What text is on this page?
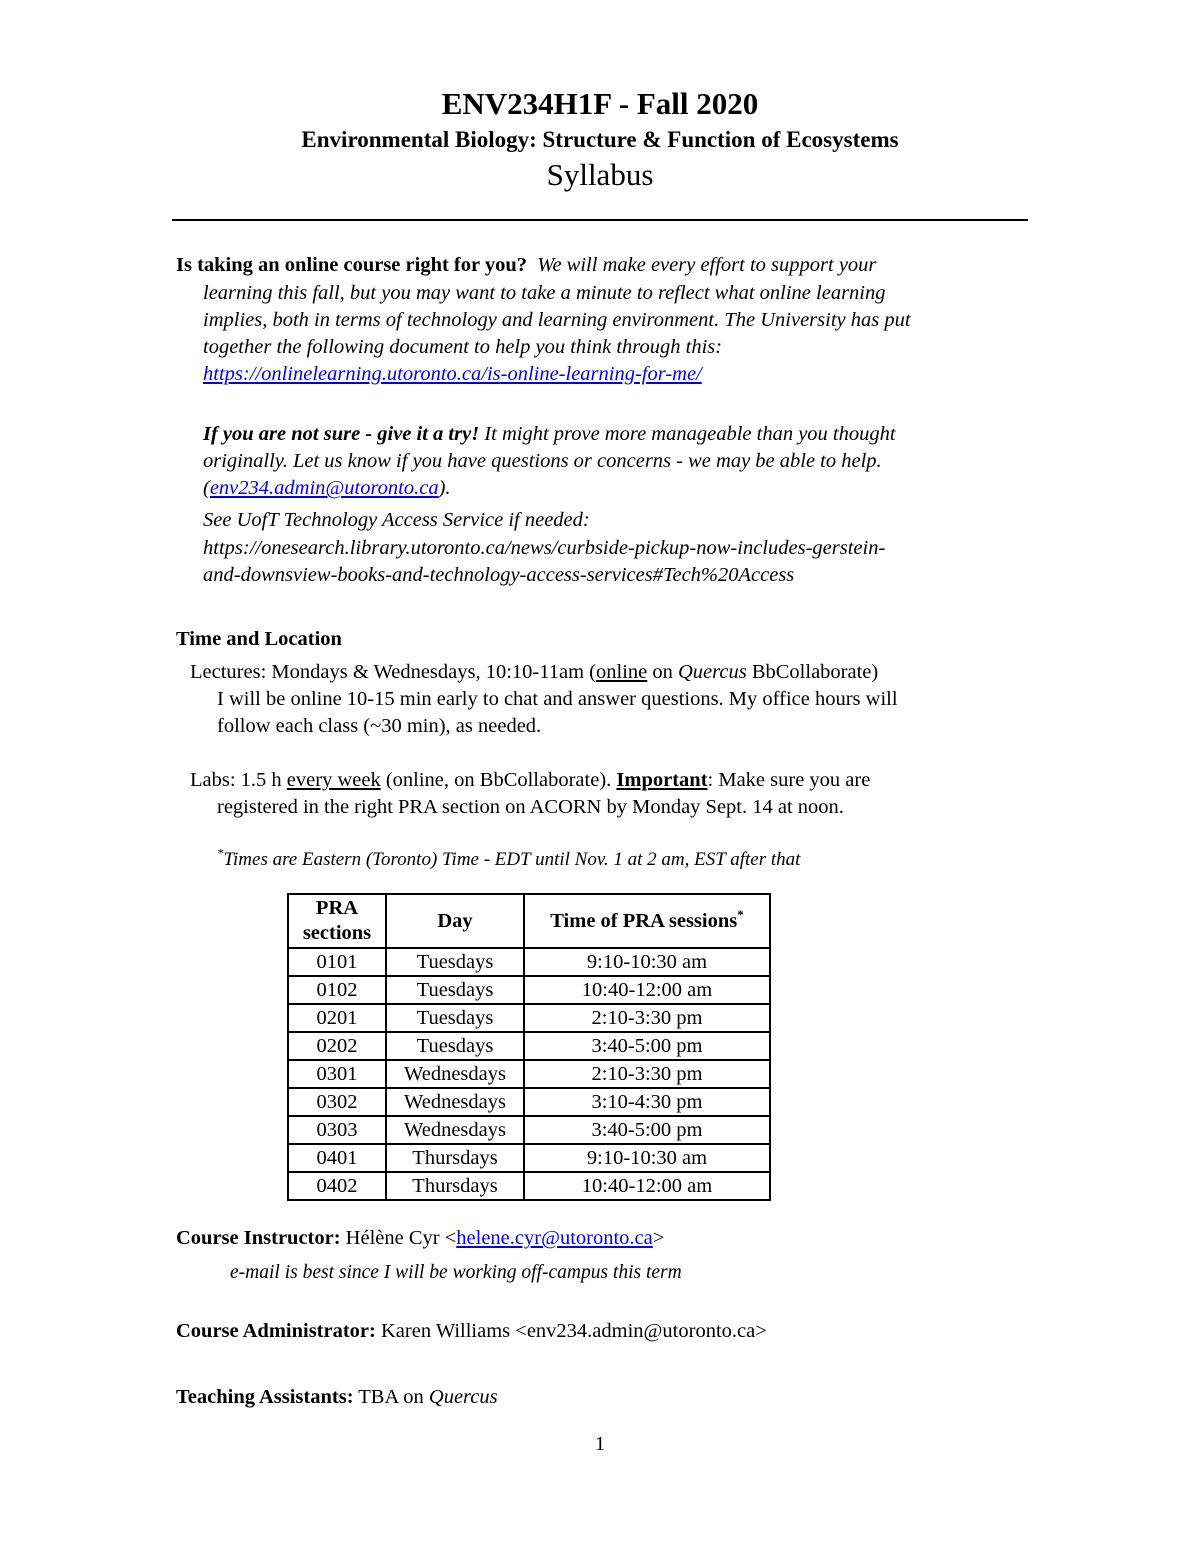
ENV234H1F - Fall 2020
Environmental Biology: Structure & Function of Ecosystems
Syllabus
Is taking an online course right for you? We will make every effort to support your
learning this fall, but you may want to take a minute to reflect what online learning
implies, both in terms of technology and learning environment. The University has put
together the following document to help you think through this:
https://onlinelearning.utoronto.ca/is-online-learning-for-me/
If you are not sure - give it a try! It might prove more manageable than you thought
originally. Let us know if you have questions or concerns - we may be able to help.
(env234.admin@utoronto.ca).
See UofT Technology Access Service if needed:
https://onesearch.library.utoronto.ca/news/curbside-pickup-now-includes-gerstein-
and-downsview-books-and-technology-access-services#Tech%20Access
Time and Location
Lectures: Mondays & Wednesdays, 10:10-11am (online on Quercus BbCollaborate)
I will be online 10-15 min early to chat and answer questions. My office hours will
follow each class (~30 min), as needed.
Labs: 1.5 h every week (online, on BbCollaborate). Important: Make sure you are
registered in the right PRA section on ACORN by Monday Sept. 14 at noon.
*Times are Eastern (Toronto) Time - EDT until Nov. 1 at 2 am, EST after that
PRA sections	Day	Time of PRA sessions*
0101	Tuesdays	9:10-10:30 am
0102	Tuesdays	10:40-12:00 am
0201	Tuesdays	2:10-3:30 pm
0202	Tuesdays	3:40-5:00 pm
0301	Wednesdays	2:10-3:30 pm
0302	Wednesdays	3:10-4:30 pm
0303	Wednesdays	3:40-5:00 pm
0401	Thursdays	9:10-10:30 am
0402	Thursdays	10:40-12:00 am
Course Instructor: Hélène Cyr <helene.cyr@utoronto.ca>
e-mail is best since I will be working off-campus this term
Course Administrator: Karen Williams <env234.admin@utoronto.ca>
Teaching Assistants: TBA on Quercus
1
